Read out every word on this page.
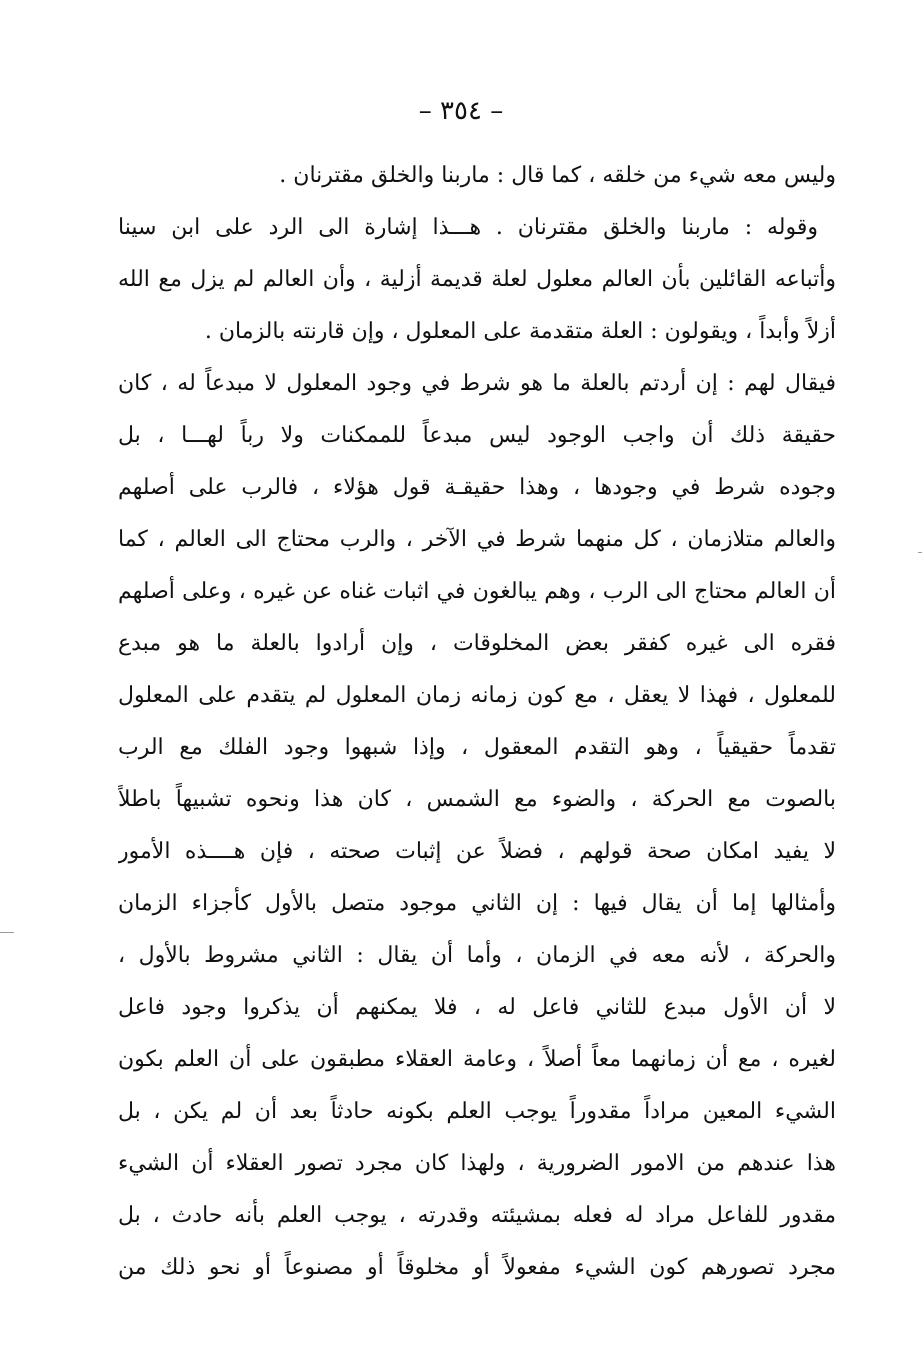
– ٣٥٤ –
وليس معه شيء من خلقه ، كما قال : ماربنا والخلق مقترنان .
وقوله : ماربنا والخلق مقترنان . هـــذا إشارة الى الرد على ابن سينا
وأتباعه القائلين بأن العالم معلول لعلة قديمة أزلية ، وأن العالم لم يزل مع الله
أزلاً وأبداً ، ويقولون : العلة متقدمة على المعلول ، وإن قارنته بالزمان .
فيقال لهم : إن أردتم بالعلة ما هو شرط في وجود المعلول لا مبدعاً له ، كان
حقيقة ذلك أن واجب الوجود ليس مبدعاً للممكنات ولا رباً لهـــا ، بل
وجوده شرط في وجودها ، وهذا حقيقـة قول هؤلاء ، فالرب على أصلهم
والعالم متلازمان ، كل منهما شرط في الآخر ، والرب محتاج الى العالم ، كما
أن العالم محتاج الى الرب ، وهم يبالغون في اثبات غناه عن غيره ، وعلى أصلهم
فقره الى غيره كفقر بعض المخلوقات ، وإن أرادوا بالعلة ما هو مبدع
للمعلول ، فهذا لا يعقل ، مع كون زمانه زمان المعلول لم يتقدم على المعلول
تقدماً حقيقياً ، وهو التقدم المعقول ، وإذا شبهوا وجود الفلك مع الرب
بالصوت مع الحركة ، والضوء مع الشمس ، كان هذا ونحوه تشبيهاً باطلاً
لا يفيد امكان صحة قولهم ، فضلاً عن إثبات صحته ، فإن هــــذه الأمور
وأمثالها إما أن يقال فيها : إن الثاني موجود متصل بالأول كأجزاء الزمان
والحركة ، لأنه معه في الزمان ، وأما أن يقال : الثاني مشروط بالأول ،
لا أن الأول مبدع للثاني فاعل له ، فلا يمكنهم أن يذكروا وجود فاعل
لغيره ، مع أن زمانهما معاً أصلاً ، وعامة العقلاء مطبقون على أن العلم بكون
الشيء المعين مراداً مقدوراً يوجب العلم بكونه حادثاً بعد أن لم يكن ، بل
هذا عندهم من الامور الضرورية ، ولهذا كان مجرد تصور العقلاء أن الشيء
مقدور للفاعل مراد له فعله بمشيئته وقدرته ، يوجب العلم بأنه حادث ، بل
مجرد تصورهم كون الشيء مفعولاً أو مخلوقاً أو مصنوعاً أو نحو ذلك من
